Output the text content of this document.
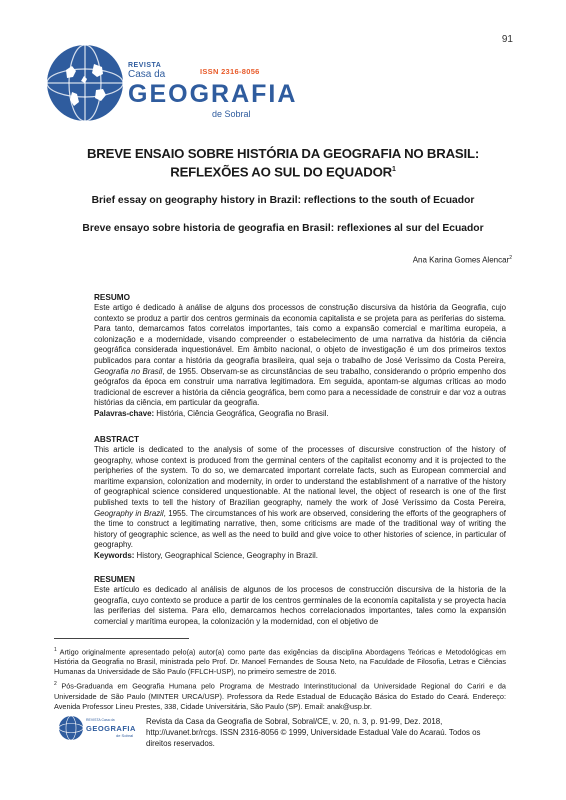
91
REVISTA
Casa da	ISSN 2316-8056
GEOGRAFIA
de Sobral
BREVE ENSAIO SOBRE HISTÓRIA DA GEOGRAFIA NO BRASIL:
REFLEXÕES AO SUL DO EQUADOR$^1$
Brief essay on geography history in Brazil: reflections to the south of Ecuador
Breve ensayo sobre historia de geografia en Brasil: reflexiones al sur del Ecuador
Ana Karina Gomes Alencar$^2$
RESUMO

Este artigo é dedicado à análise de alguns dos processos de construção discursiva da história da Geografia, cujo contexto se produz a partir dos centros germinais da economia capitalista e se projeta para as periferias do sistema. Para tanto, demarcamos fatos correlatos importantes, tais como a expansão comercial e marítima europeia, a colonização e a modernidade, visando compreender o estabelecimento de uma narrativa da história da ciência geográfica considerada inquestionável. Em âmbito nacional, o objeto de investigação é um dos primeiros textos publicados para contar a história da geografia brasileira, qual seja o trabalho de José Veríssimo da Costa Pereira, Geografia no Brasil, de 1955. Observam-se as circunstâncias de seu trabalho, considerando o próprio empenho dos geógrafos da época em construir uma narrativa legitimadora. Em seguida, apontam-se algumas críticas ao modo tradicional de escrever a história da ciência geográfica, bem como para a necessidade de construir e dar voz a outras histórias da ciência, em particular da geografia.

Palavras-chave: História, Ciência Geográfica, Geografia no Brasil.
ABSTRACT

This article is dedicated to the analysis of some of the processes of discursive construction of the history of geography, whose context is produced from the germinal centers of the capitalist economy and it is projected to the peripheries of the system. To do so, we demarcated important correlate facts, such as European commercial and maritime expansion, colonization and modernity, in order to understand the establishment of a narrative of the history of geographical science considered unquestionable. At the national level, the object of research is one of the first published texts to tell the history of Brazilian geography, namely the work of José Veríssimo da Costa Pereira, Geography in Brazil, 1955. The circumstances of his work are observed, considering the efforts of the geographers of the time to construct a legitimating narrative, then, some criticisms are made of the traditional way of writing the history of geographic science, as well as the need to build and give voice to other histories of science, in particular of geography.

Keywords: History, Geographical Science, Geography in Brazil.
RESUMEN

Este artículo es dedicado al análisis de algunos de los procesos de construcción discursiva de la historia de la geografía, cuyo contexto se produce a partir de los centros germinales de la economía capitalista y se proyecta hacia las periferias del sistema. Para ello, demarcamos hechos correlacionados importantes, tales como la expansión comercial y marítima europea, la colonización y la modernidad, con el objetivo de

$^1$ Artigo originalmente apresentado pelo(a) autor(a) como parte das exigências da disciplina Abordagens Teóricas e Metodológicas em História da Geografia no Brasil, ministrada pelo Prof. Dr. Manoel Fernandes de Sousa Neto, na Faculdade de Filosofia, Letras e Ciências Humanas da Universidade de São Paulo (FFLCH-USP), no primeiro semestre de 2016.

$^2$ Pós-Graduanda em Geografia Humana pelo Programa de Mestrado Interinstitucional da Universidade Regional do Cariri e da Universidade de São Paulo (MINTER URCA/USP). Professora da Rede Estadual de Educação Básica do Estado do Ceará. Endereço: Avenida Professor Lineu Prestes, 338, Cidade Universitária, São Paulo (SP). Email: anak@usp.br.

REVISTA Casa da
GEOGRAFIA
de Sobral
Revista da Casa da Geografia de Sobral, Sobral/CE, v. 20, n. 3, p. 91-99, Dez. 2018, http://uvanet.br/rcgs. ISSN 2316-8056 © 1999, Universidade Estadual Vale do Acaraú. Todos os direitos reservados.
